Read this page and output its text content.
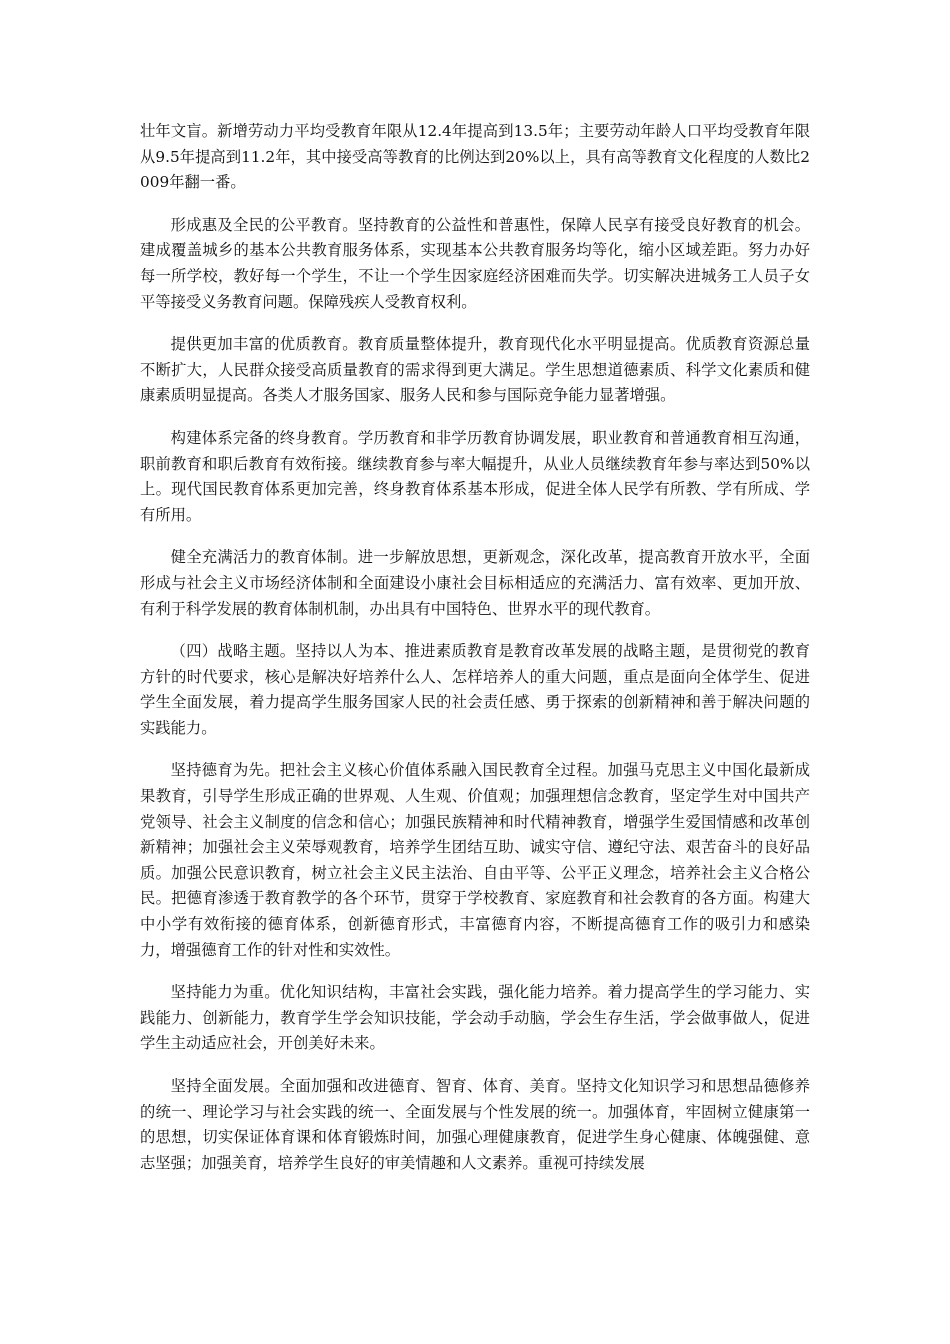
壮年文盲。新增劳动力平均受教育年限从12.4年提高到13.5年；主要劳动年龄人口平均受教育年限从9.5年提高到11.2年，其中接受高等教育的比例达到20%以上，具有高等教育文化程度的人数比2009年翻一番。

形成惠及全民的公平教育。坚持教育的公益性和普惠性，保障人民享有接受良好教育的机会。建成覆盖城乡的基本公共教育服务体系，实现基本公共教育服务均等化，缩小区域差距。努力办好每一所学校，教好每一个学生，不让一个学生因家庭经济困难而失学。切实解决进城务工人员子女平等接受义务教育问题。保障残疾人受教育权利。

提供更加丰富的优质教育。教育质量整体提升，教育现代化水平明显提高。优质教育资源总量不断扩大，人民群众接受高质量教育的需求得到更大满足。学生思想道德素质、科学文化素质和健康素质明显提高。各类人才服务国家、服务人民和参与国际竞争能力显著增强。

构建体系完备的终身教育。学历教育和非学历教育协调发展，职业教育和普通教育相互沟通，职前教育和职后教育有效衔接。继续教育参与率大幅提升，从业人员继续教育年参与率达到50%以上。现代国民教育体系更加完善，终身教育体系基本形成，促进全体人民学有所教、学有所成、学有所用。

健全充满活力的教育体制。进一步解放思想，更新观念，深化改革，提高教育开放水平，全面形成与社会主义市场经济体制和全面建设小康社会目标相适应的充满活力、富有效率、更加开放、有利于科学发展的教育体制机制，办出具有中国特色、世界水平的现代教育。

（四）战略主题。坚持以人为本、推进素质教育是教育改革发展的战略主题，是贯彻党的教育方针的时代要求，核心是解决好培养什么人、怎样培养人的重大问题，重点是面向全体学生、促进学生全面发展，着力提高学生服务国家人民的社会责任感、勇于探索的创新精神和善于解决问题的实践能力。

坚持德育为先。把社会主义核心价值体系融入国民教育全过程。加强马克思主义中国化最新成果教育，引导学生形成正确的世界观、人生观、价值观；加强理想信念教育，坚定学生对中国共产党领导、社会主义制度的信念和信心；加强民族精神和时代精神教育，增强学生爱国情感和改革创新精神；加强社会主义荣辱观教育，培养学生团结互助、诚实守信、遵纪守法、艰苦奋斗的良好品质。加强公民意识教育，树立社会主义民主法治、自由平等、公平正义理念，培养社会主义合格公民。把德育渗透于教育教学的各个环节，贯穿于学校教育、家庭教育和社会教育的各方面。构建大中小学有效衔接的德育体系，创新德育形式，丰富德育内容，不断提高德育工作的吸引力和感染力，增强德育工作的针对性和实效性。

坚持能力为重。优化知识结构，丰富社会实践，强化能力培养。着力提高学生的学习能力、实践能力、创新能力，教育学生学会知识技能，学会动手动脑，学会生存生活，学会做事做人，促进学生主动适应社会，开创美好未来。

坚持全面发展。全面加强和改进德育、智育、体育、美育。坚持文化知识学习和思想品德修养的统一、理论学习与社会实践的统一、全面发展与个性发展的统一。加强体育，牢固树立健康第一的思想，切实保证体育课和体育锻炼时间，加强心理健康教育，促进学生身心健康、体魄强健、意志坚强；加强美育，培养学生良好的审美情趣和人文素养。重视可持续发展
